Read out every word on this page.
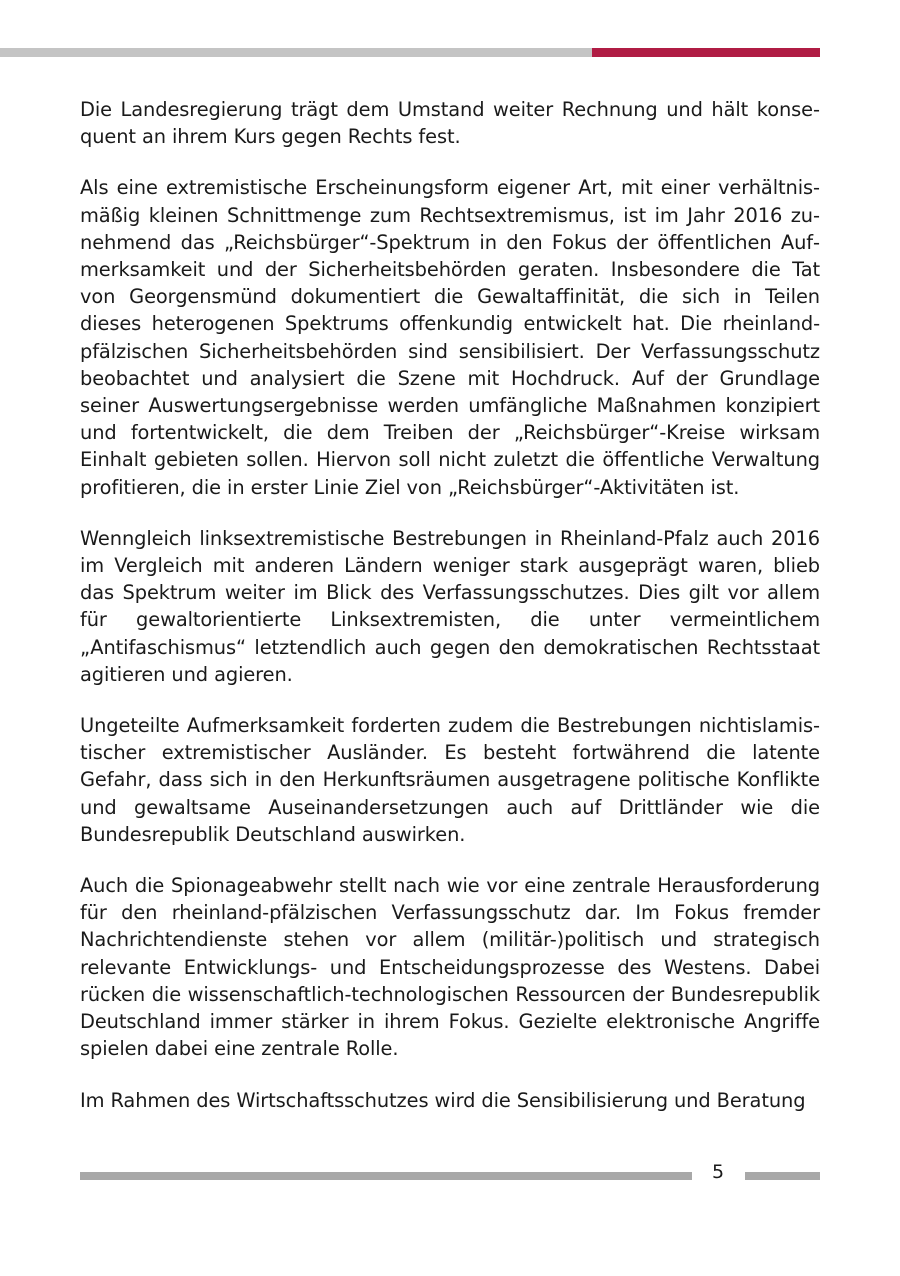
Die Landesregierung trägt dem Umstand weiter Rechnung und hält konsequent an ihrem Kurs gegen Rechts fest.

Als eine extremistische Erscheinungsform eigener Art, mit einer verhältnismäßig kleinen Schnittmenge zum Rechtsextremismus, ist im Jahr 2016 zunehmend das „Reichsbürger“-Spektrum in den Fokus der öffentlichen Aufmerksamkeit und der Sicherheitsbehörden geraten. Insbesondere die Tat von Georgensmünd dokumentiert die Gewaltaffinität, die sich in Teilen dieses heterogenen Spektrums offenkundig entwickelt hat. Die rheinland-pfälzischen Sicherheitsbehörden sind sensibilisiert. Der Verfassungsschutz beobachtet und analysiert die Szene mit Hochdruck. Auf der Grundlage seiner Auswertungsergebnisse werden umfängliche Maßnahmen konzipiert und fortentwickelt, die dem Treiben der „Reichsbürger“-Kreise wirksam Einhalt gebieten sollen. Hiervon soll nicht zuletzt die öffentliche Verwaltung profitieren, die in erster Linie Ziel von „Reichsbürger“-Aktivitäten ist.

Wenngleich linksextremistische Bestrebungen in Rheinland-Pfalz auch 2016 im Vergleich mit anderen Ländern weniger stark ausgeprägt waren, blieb das Spektrum weiter im Blick des Verfassungsschutzes. Dies gilt vor allem für gewaltorientierte Linksextremisten, die unter vermeintlichem „Antifaschismus“ letztendlich auch gegen den demokratischen Rechtsstaat agitieren und agieren.

Ungeteilte Aufmerksamkeit forderten zudem die Bestrebungen nichtislamistischer extremistischer Ausländer. Es besteht fortwährend die latente Gefahr, dass sich in den Herkunftsräumen ausgetragene politische Konflikte und gewaltsame Auseinandersetzungen auch auf Drittländer wie die Bundesrepublik Deutschland auswirken.

Auch die Spionageabwehr stellt nach wie vor eine zentrale Herausforderung für den rheinland-pfälzischen Verfassungsschutz dar. Im Fokus fremder Nachrichtendienste stehen vor allem (militär-)politisch und strategisch relevante Entwicklungs- und Entscheidungsprozesse des Westens. Dabei rücken die wissenschaftlich-technologischen Ressourcen der Bundesrepublik Deutschland immer stärker in ihrem Fokus. Gezielte elektronische Angriffe spielen dabei eine zentrale Rolle.

Im Rahmen des Wirtschaftsschutzes wird die Sensibilisierung und Beratung

5
